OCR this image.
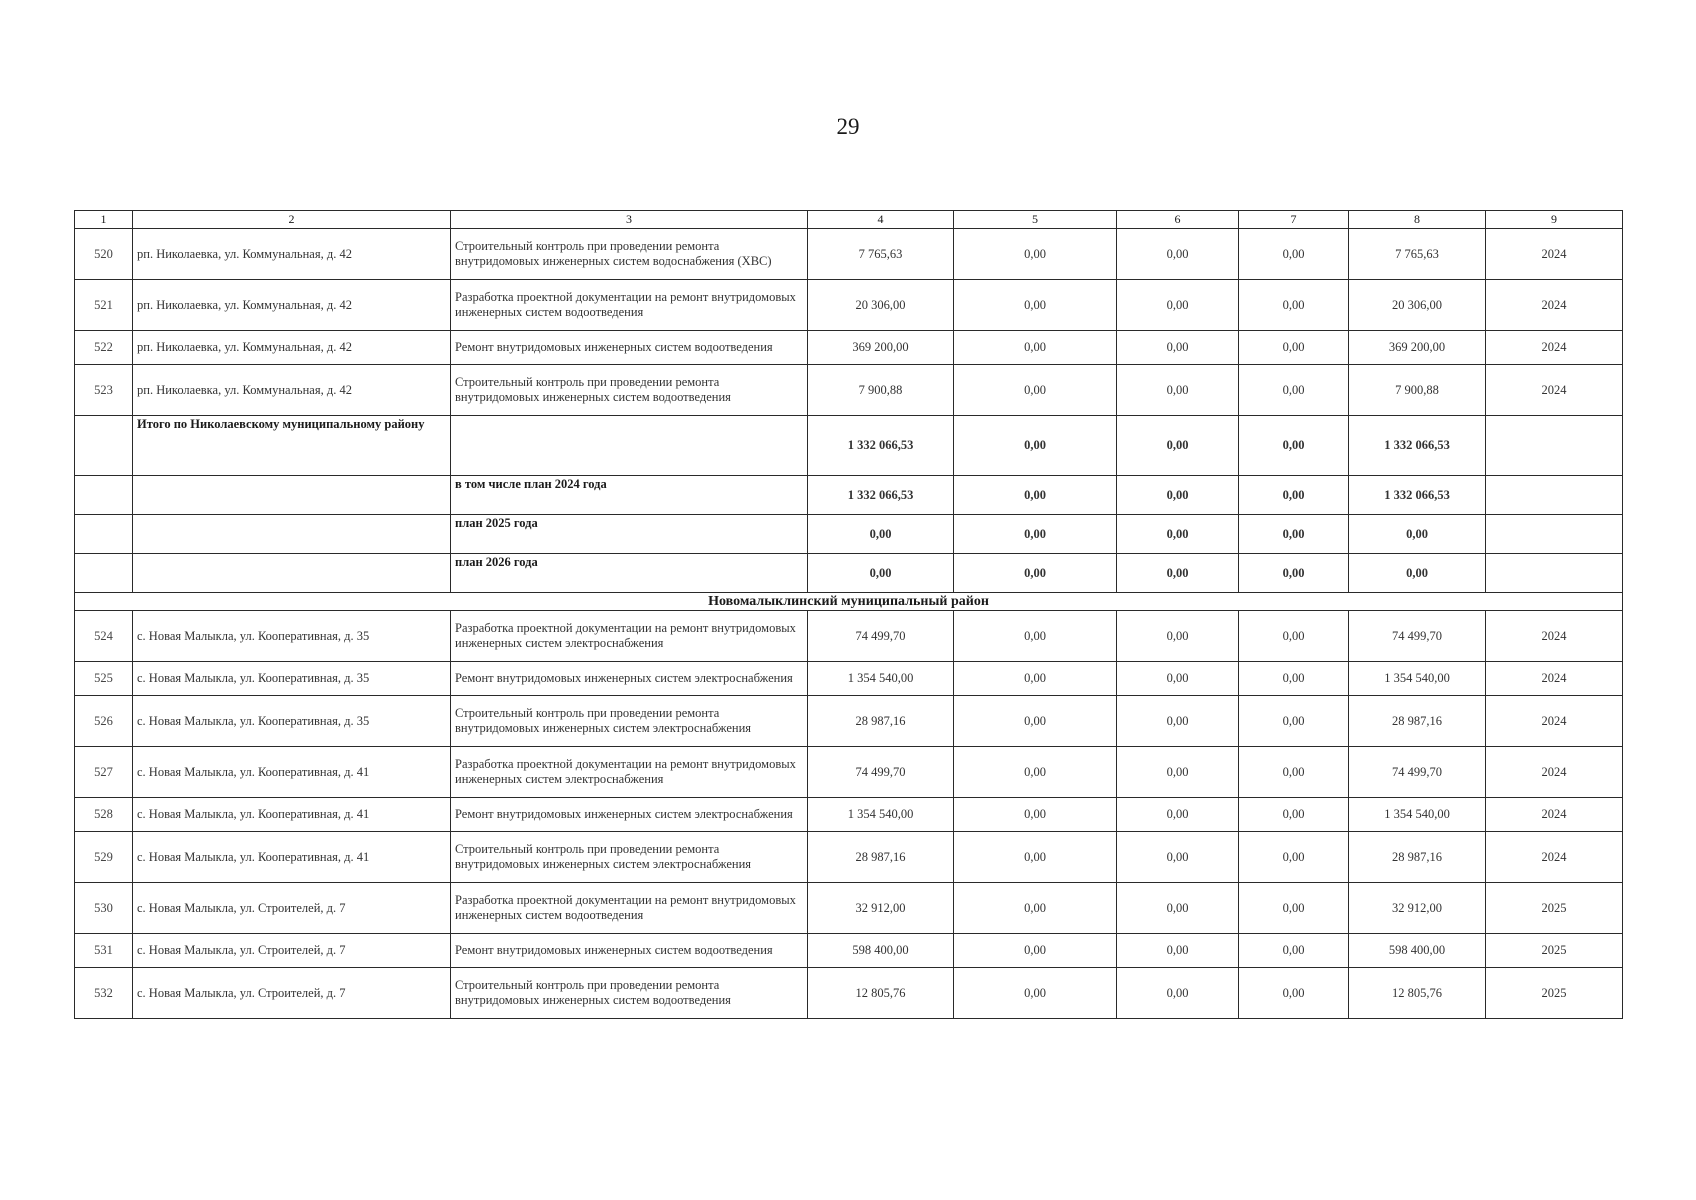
29
1	2	3	4	5	6	7	8	9
520	рп. Николаевка, ул. Коммунальная, д. 42	Строительный контроль при проведении ремонта внутридомовых инженерных систем водоснабжения (ХВС)	7 765,63	0,00	0,00	0,00	7 765,63	2024
521	рп. Николаевка, ул. Коммунальная, д. 42	Разработка проектной документации на ремонт внутридомовых инженерных систем водоотведения	20 306,00	0,00	0,00	0,00	20 306,00	2024
522	рп. Николаевка, ул. Коммунальная, д. 42	Ремонт внутридомовых инженерных систем водоотведения	369 200,00	0,00	0,00	0,00	369 200,00	2024
523	рп. Николаевка, ул. Коммунальная, д. 42	Строительный контроль при проведении ремонта внутридомовых инженерных систем водоотведения	7 900,88	0,00	0,00	0,00	7 900,88	2024
	Итого по Николаевскому муниципальному району		1 332 066,53	0,00	0,00	0,00	1 332 066,53	
		в том числе план 2024 года	1 332 066,53	0,00	0,00	0,00	1 332 066,53	
		план 2025 года	0,00	0,00	0,00	0,00	0,00	
		план 2026 года	0,00	0,00	0,00	0,00	0,00	
Новомалыклинский муниципальный район								
524	с. Новая Малыкла, ул. Кооперативная, д. 35	Разработка проектной документации на ремонт внутридомовых инженерных систем электроснабжения	74 499,70	0,00	0,00	0,00	74 499,70	2024
525	с. Новая Малыкла, ул. Кооперативная, д. 35	Ремонт внутридомовых инженерных систем электроснабжения	1 354 540,00	0,00	0,00	0,00	1 354 540,00	2024
526	с. Новая Малыкла, ул. Кооперативная, д. 35	Строительный контроль при проведении ремонта внутридомовых инженерных систем электроснабжения	28 987,16	0,00	0,00	0,00	28 987,16	2024
527	с. Новая Малыкла, ул. Кооперативная, д. 41	Разработка проектной документации на ремонт внутридомовых инженерных систем электроснабжения	74 499,70	0,00	0,00	0,00	74 499,70	2024
528	с. Новая Малыкла, ул. Кооперативная, д. 41	Ремонт внутридомовых инженерных систем электроснабжения	1 354 540,00	0,00	0,00	0,00	1 354 540,00	2024
529	с. Новая Малыкла, ул. Кооперативная, д. 41	Строительный контроль при проведении ремонта внутридомовых инженерных систем электроснабжения	28 987,16	0,00	0,00	0,00	28 987,16	2024
530	с. Новая Малыкла, ул. Строителей, д. 7	Разработка проектной документации на ремонт внутридомовых инженерных систем водоотведения	32 912,00	0,00	0,00	0,00	32 912,00	2025
531	с. Новая Малыкла, ул. Строителей, д. 7	Ремонт внутридомовых инженерных систем водоотведения	598 400,00	0,00	0,00	0,00	598 400,00	2025
532	с. Новая Малыкла, ул. Строителей, д. 7	Строительный контроль при проведении ремонта внутридомовых инженерных систем водоотведения	12 805,76	0,00	0,00	0,00	12 805,76	2025
